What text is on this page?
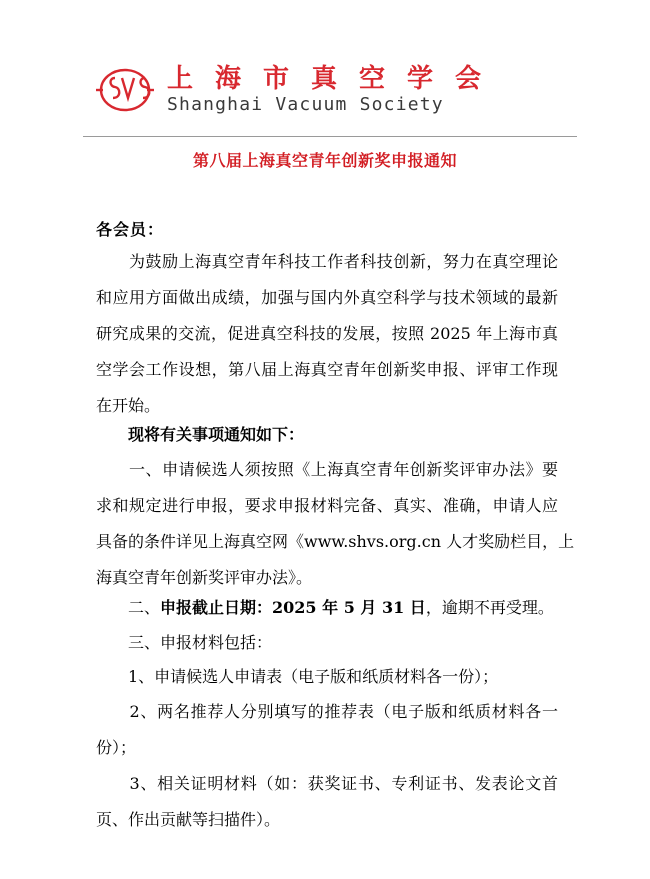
上海市真空学会
Shanghai Vacuum Society
第八届上海真空青年创新奖申报通知
各会员：
　　为鼓励上海真空青年科技工作者科技创新，努力在真空理论
和应用方面做出成绩，加强与国内外真空科学与技术领域的最新
研究成果的交流，促进真空科技的发展，按照 2025 年上海市真
空学会工作设想，第八届上海真空青年创新奖申报、评审工作现
在开始。
　　现将有关事项通知如下：
　　一、申请候选人须按照《上海真空青年创新奖评审办法》要
求和规定进行申报，要求申报材料完备、真实、准确，申请人应
具备的条件详见上海真空网《www.shvs.org.cn 人才奖励栏目，上
海真空青年创新奖评审办法》。
　　二、申报截止日期：2025 年 5 月 31 日，逾期不再受理。
　　三、申报材料包括：
　　1、申请候选人申请表（电子版和纸质材料各一份）；
　　2、两名推荐人分别填写的推荐表（电子版和纸质材料各一
份）；
　　3、相关证明材料（如：获奖证书、专利证书、发表论文首
页、作出贡献等扫描件）。
